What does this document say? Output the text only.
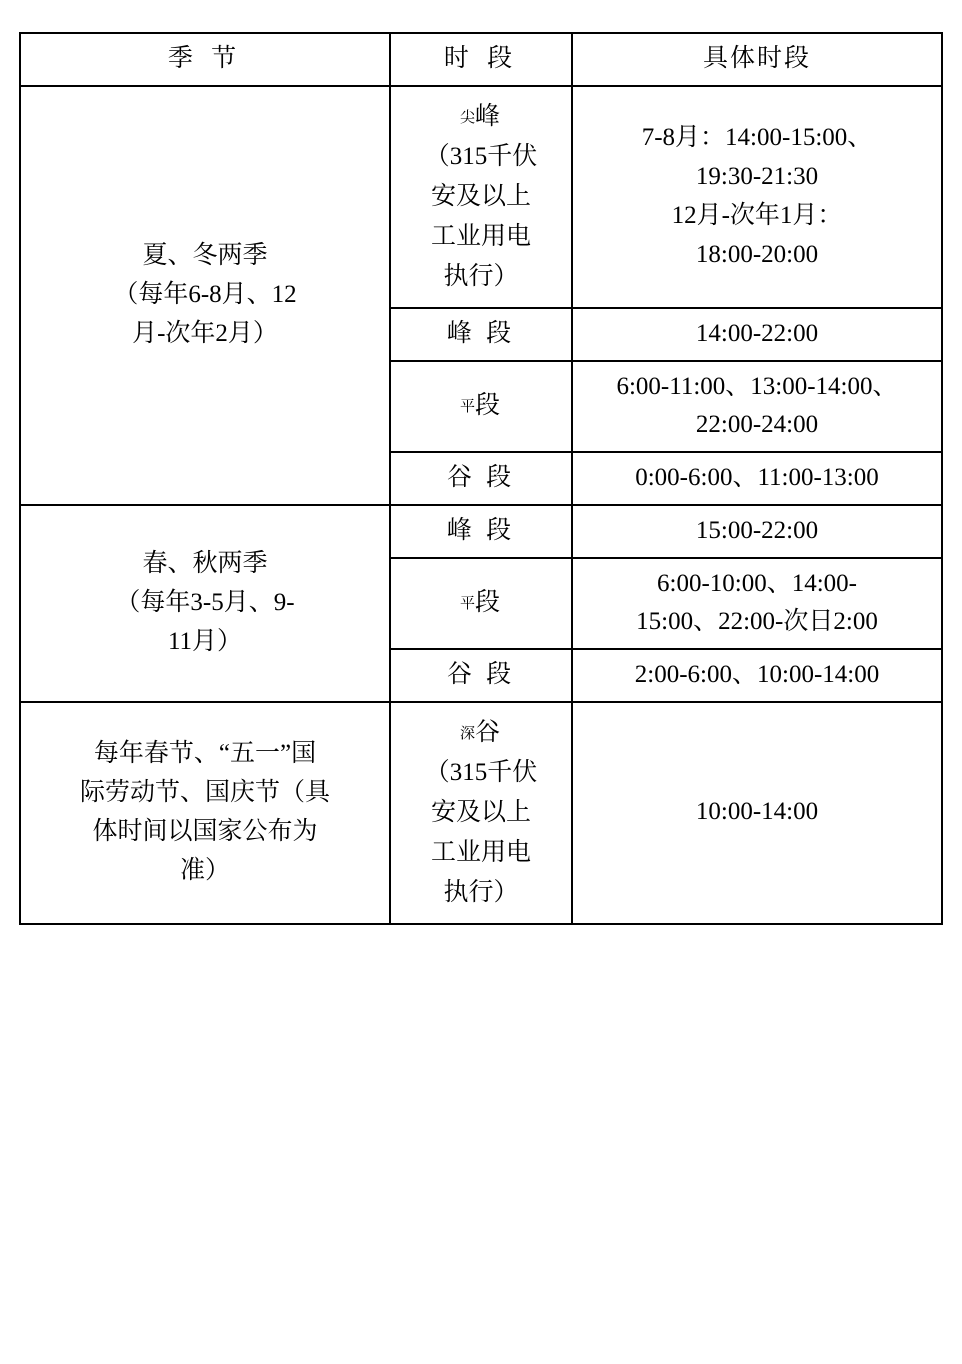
季 节	时 段	具体时段

夏、冬两季
（每年6-8月、12
月-次年2月）	尖峰
（315千伏
安及以上
工业用电
执行）	7-8月：14:00-15:00、
19:30-21:30
12月-次年1月：
18:00-20:00

	峰 段	14:00-22:00
	平段	6:00-11:00、13:00-14:00、
22:00-24:00

	谷 段	0:00-6:00、11:00-13:00

春、秋两季
（每年3-5月、9-
11月）	峰 段	15:00-22:00
	平段	6:00-10:00、14:00-
15:00、22:00-次日2:00

	谷 段	2:00-6:00、10:00-14:00

每年春节、“五一”国
际劳动节、国庆节（具
体时间以国家公布为
准）	深谷
（315千伏
安及以上
工业用电
执行）	10:00-14:00
